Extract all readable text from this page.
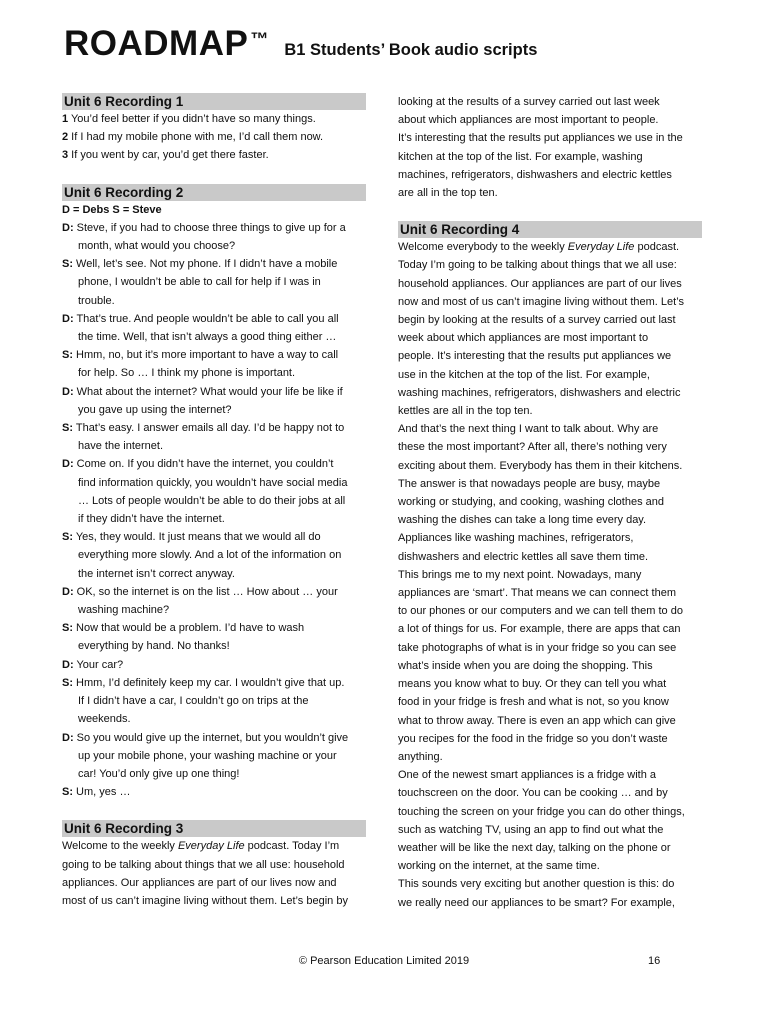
ROADMAP ™
B1 Students’ Book audio scripts
Unit 6 Recording 1
1 You’d feel better if you didn’t have so many things.
2 If I had my mobile phone with me, I’d call them now.
3 If you went by car, you’d get there faster.
Unit 6 Recording 2
D = Debs S = Steve
D: Steve, if you had to choose three things to give up for a
month, what would you choose?
S: Well, let’s see. Not my phone. If I didn’t have a mobile
phone, I wouldn’t be able to call for help if I was in
trouble.
D: That’s true. And people wouldn’t be able to call you all
the time. Well, that isn’t always a good thing either …
S: Hmm, no, but it’s more important to have a way to call
for help. So … I think my phone is important.
D: What about the internet? What would your life be like if
you gave up using the internet?
S: That’s easy. I answer emails all day. I’d be happy not to
have the internet.
D: Come on. If you didn’t have the internet, you couldn’t
find information quickly, you wouldn’t have social media
… Lots of people wouldn’t be able to do their jobs at all
if they didn’t have the internet.
S: Yes, they would. It just means that we would all do
everything more slowly. And a lot of the information on
the internet isn’t correct anyway.
D: OK, so the internet is on the list … How about … your
washing machine?
S: Now that would be a problem. I’d have to wash
everything by hand. No thanks!
D: Your car?
S: Hmm, I’d definitely keep my car. I wouldn’t give that up.
If I didn’t have a car, I couldn’t go on trips at the
weekends.
D: So you would give up the internet, but you wouldn’t give
up your mobile phone, your washing machine or your
car! You’d only give up one thing!
S: Um, yes …
Unit 6 Recording 3
Welcome to the weekly Everyday Life podcast. Today I’m
going to be talking about things that we all use: household
appliances. Our appliances are part of our lives now and
most of us can’t imagine living without them. Let’s begin by
looking at the results of a survey carried out last week
about which appliances are most important to people.
It’s interesting that the results put appliances we use in the
kitchen at the top of the list. For example, washing
machines, refrigerators, dishwashers and electric kettles
are all in the top ten.
Unit 6 Recording 4
Welcome everybody to the weekly Everyday Life podcast.
Today I’m going to be talking about things that we all use:
household appliances. Our appliances are part of our lives
now and most of us can’t imagine living without them. Let’s
begin by looking at the results of a survey carried out last
week about which appliances are most important to
people. It’s interesting that the results put appliances we
use in the kitchen at the top of the list. For example,
washing machines, refrigerators, dishwashers and electric
kettles are all in the top ten.
And that’s the next thing I want to talk about. Why are
these the most important? After all, there’s nothing very
exciting about them. Everybody has them in their kitchens.
The answer is that nowadays people are busy, maybe
working or studying, and cooking, washing clothes and
washing the dishes can take a long time every day.
Appliances like washing machines, refrigerators,
dishwashers and electric kettles all save them time.
This brings me to my next point. Nowadays, many
appliances are ‘smart’. That means we can connect them
to our phones or our computers and we can tell them to do
a lot of things for us. For example, there are apps that can
take photographs of what is in your fridge so you can see
what’s inside when you are doing the shopping. This
means you know what to buy. Or they can tell you what
food in your fridge is fresh and what is not, so you know
what to throw away. There is even an app which can give
you recipes for the food in the fridge so you don’t waste
anything.
One of the newest smart appliances is a fridge with a
touchscreen on the door. You can be cooking … and by
touching the screen on your fridge you can do other things,
such as watching TV, using an app to find out what the
weather will be like the next day, talking on the phone or
working on the internet, at the same time.
This sounds very exciting but another question is this: do
we really need our appliances to be smart? For example,
© Pearson Education Limited 2019	16
